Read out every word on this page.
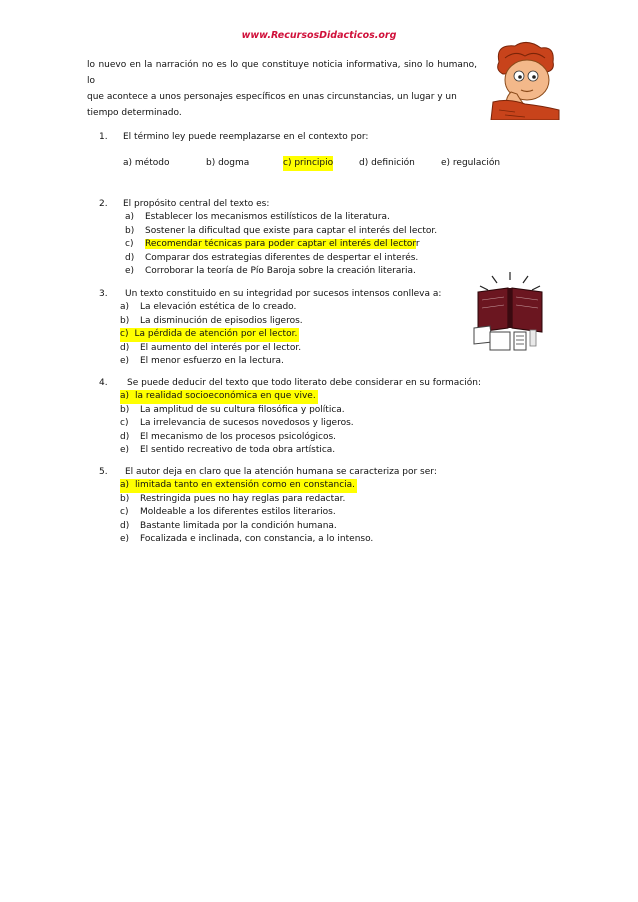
www.RecursosDidacticos.org
lo nuevo en la narración no es lo que constituye noticia informativa, sino lo humano, lo
que acontece a unos personajes específicos en unas circunstancias, un lugar y un
tiempo determinado.
1. El término ley puede reemplazarse en el contexto por:
a) método	b) dogma	c) principio	d) definición	e) regulación
2. El propósito central del texto es:
a) Establecer los mecanismos estilísticos de la literatura.
b) Sostener la dificultad que existe para captar el interés del lector.
c) Recomendar técnicas para poder captar el interés del lectorr
d) Comparar dos estrategias diferentes de despertar el interés.
e) Corroborar la teoría de Pío Baroja sobre la creación literaria.
3. Un texto constituido en su integridad por sucesos intensos conlleva a:
a) La elevación estética de lo creado.
b) La disminución de episodios ligeros.
c) La pérdida de atención por el lector.
d) El aumento del interés por el lector.
e) El menor esfuerzo en la lectura.
4. Se puede deducir del texto que todo literato debe considerar en su formación:
a) la realidad socioeconómica en que vive.
b) La amplitud de su cultura filosófica y política.
c) La irrelevancia de sucesos novedosos y ligeros.
d) El mecanismo de los procesos psicológicos.
e) El sentido recreativo de toda obra artística.
5. El autor deja en claro que la atención humana se caracteriza por ser:
a) limitada tanto en extensión como en constancia.
b) Restringida pues no hay reglas para redactar.
c) Moldeable a los diferentes estilos literarios.
d) Bastante limitada por la condición humana.
e) Focalizada e inclinada, con constancia, a lo intenso.
